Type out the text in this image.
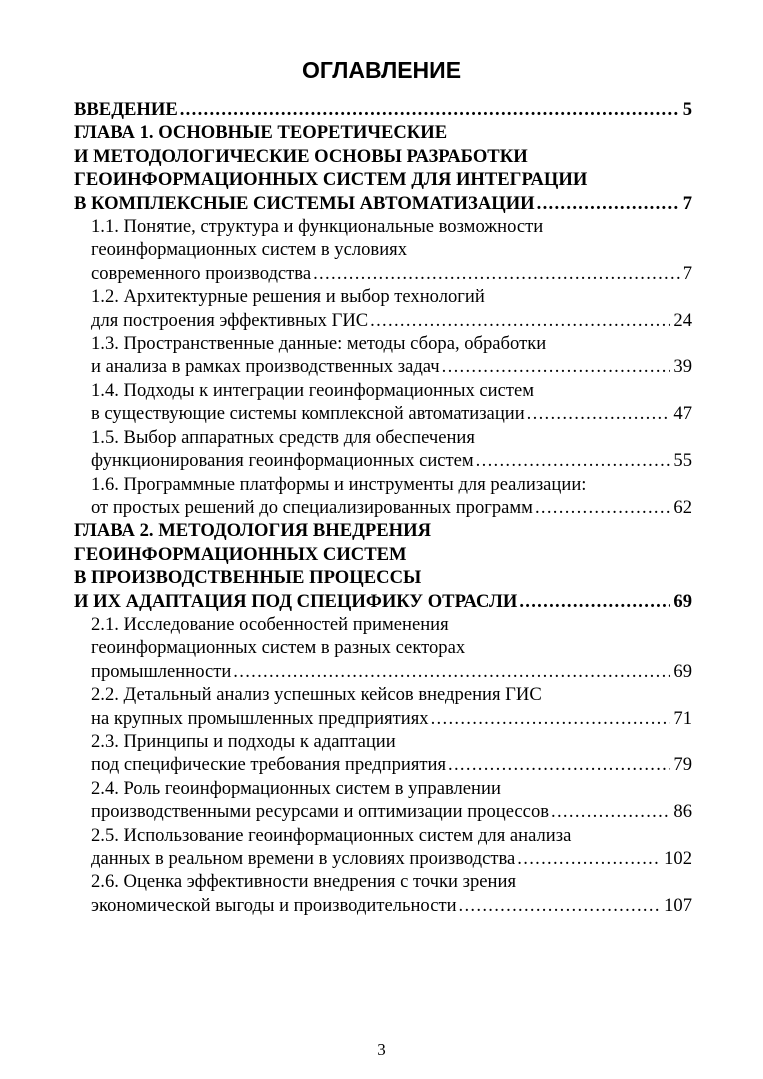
ОГЛАВЛЕНИЕ
ВВЕДЕНИЕ .....	5
ГЛАВА 1. ОСНОВНЫЕ ТЕОРЕТИЧЕСКИЕ
И МЕТОДОЛОГИЧЕСКИЕ ОСНОВЫ РАЗРАБОТКИ
ГЕОИНФОРМАЦИОННЫХ СИСТЕМ ДЛЯ ИНТЕГРАЦИИ
В КОМПЛЕКСНЫЕ СИСТЕМЫ АВТОМАТИЗАЦИИ .....	7
1.1. Понятие, структура и функциональные возможности
геоинформационных систем в условиях
современного производства .....	7
1.2. Архитектурные решения и выбор технологий
для построения эффективных ГИС .....	24
1.3. Пространственные данные: методы сбора, обработки
и анализа в рамках производственных задач .....	39
1.4. Подходы к интеграции геоинформационных систем
в существующие системы комплексной автоматизации .....	47
1.5. Выбор аппаратных средств для обеспечения
функционирования геоинформационных систем .....	55
1.6. Программные платформы и инструменты для реализации:
от простых решений до специализированных программ .....	62
ГЛАВА 2. МЕТОДОЛОГИЯ ВНЕДРЕНИЯ
ГЕОИНФОРМАЦИОННЫХ СИСТЕМ
В ПРОИЗВОДСТВЕННЫЕ ПРОЦЕССЫ
И ИХ АДАПТАЦИЯ ПОД СПЕЦИФИКУ ОТРАСЛИ .....	69
2.1. Исследование особенностей применения
геоинформационных систем в разных секторах
промышленности .....	69
2.2. Детальный анализ успешных кейсов внедрения ГИС
на крупных промышленных предприятиях .....	71
2.3. Принципы и подходы к адаптации
под специфические требования предприятия .....	79
2.4. Роль геоинформационных систем в управлении
производственными ресурсами и оптимизации процессов .....	86
2.5. Использование геоинформационных систем для анализа
данных в реальном времени в условиях производства .....	102
2.6. Оценка эффективности внедрения с точки зрения
экономической выгоды и производительности .....	107
3
